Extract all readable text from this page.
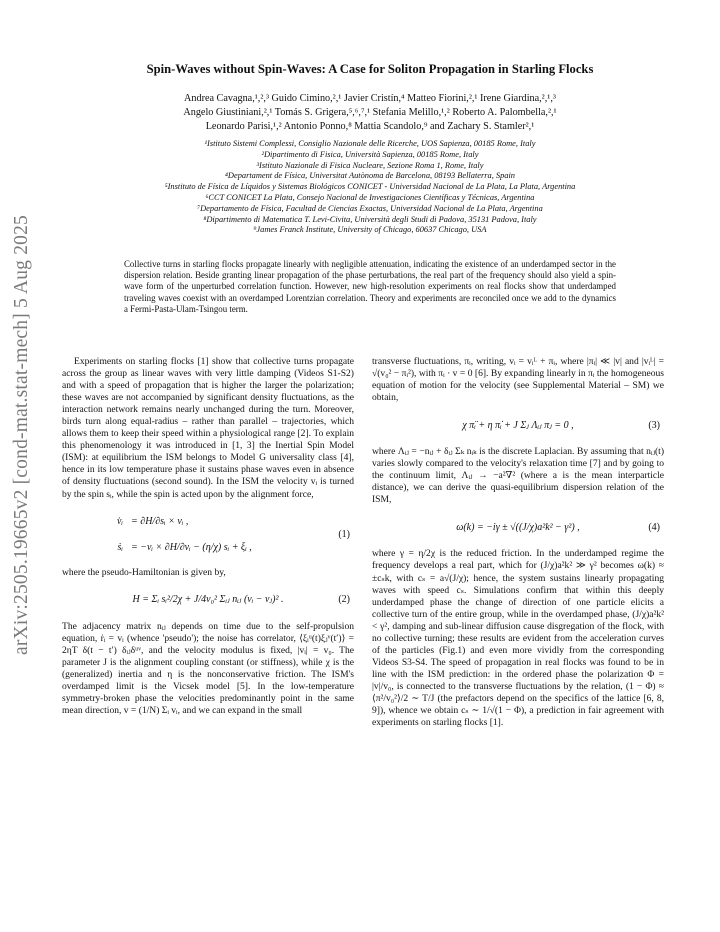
arXiv:2505.19665v2 [cond-mat.stat-mech] 5 Aug 2025
Spin-Waves without Spin-Waves: A Case for Soliton Propagation in Starling Flocks
Andrea Cavagna,¹,²,³ Guido Cimino,²,¹ Javier Cristín,⁴ Matteo Fiorini,²,¹ Irene Giardina,²,¹,³
Angelo Giustiniani,²,¹ Tomás S. Grigera,⁵,⁶,⁷,¹ Stefania Melillo,¹,² Roberto A. Palombella,²,¹
Leonardo Parisi,¹,² Antonio Ponno,⁸ Mattia Scandolo,⁹ and Zachary S. Stamler²,¹
¹Istituto Sistemi Complessi, Consiglio Nazionale delle Ricerche, UOS Sapienza, 00185 Rome, Italy
²Dipartimento di Fisica, Università Sapienza, 00185 Rome, Italy
³Istituto Nazionale di Fisica Nucleare, Sezione Roma 1, Rome, Italy
⁴Departament de Física, Universitat Autònoma de Barcelona, 08193 Bellaterra, Spain
⁵Instituto de Física de Líquidos y Sistemas Biológicos CONICET - Universidad Nacional de La Plata, La Plata, Argentina
⁶CCT CONICET La Plata, Consejo Nacional de Investigaciones Científicas y Técnicas, Argentina
⁷Departamento de Física, Facultad de Ciencias Exactas, Universidad Nacional de La Plata, Argentina
⁸Dipartimento di Matematica T. Levi-Civita, Università degli Studi di Padova, 35131 Padova, Italy
⁹James Franck Institute, University of Chicago, 60637 Chicago, USA
Collective turns in starling flocks propagate linearly with negligible attenuation, indicating the existence of an underdamped sector in the dispersion relation. Beside granting linear propagation of the phase perturbations, the real part of the frequency should also yield a spin-wave form of the unperturbed correlation function. However, new high-resolution experiments on real flocks show that underdamped traveling waves coexist with an overdamped Lorentzian correlation. Theory and experiments are reconciled once we add to the dynamics a Fermi-Pasta-Ulam-Tsingou term.

Experiments on starling flocks [1] show that collective turns propagate across the group as linear waves with very little damping (Videos S1-S2) and with a speed of propagation that is higher the larger the polarization; these waves are not accompanied by significant density fluctuations, as the interaction network remains nearly unchanged during the turn. Moreover, birds turn along equal-radius – rather than parallel – trajectories, which allows them to keep their speed within a physiological range [2]. To explain this phenomenology it was introduced in [1, 3] the Inertial Spin Model (ISM): at equilibrium the ISM belongs to Model G universality class [4], hence in its low temperature phase it sustains phase waves even in absence of density fluctuations (second sound). In the ISM the velocity vᵢ is turned by the spin sᵢ, while the spin is acted upon by the alignment force,

v̇ᵢ = ∂H/∂sᵢ × vᵢ ,
ṡᵢ = −vᵢ × ∂H/∂vᵢ − (η/χ) sᵢ + ξᵢ ,
(1)

where the pseudo-Hamiltonian is given by,

H = Σᵢ sᵢ²/2χ + J/4v₀² Σᵢⱼ nᵢⱼ (vᵢ − vⱼ)² .	(2)

The adjacency matrix nᵢⱼ depends on time due to the self-propulsion equation, ṙᵢ = vᵢ (whence 'pseudo'); the noise has correlator, ⟨ξᵢᵘ(t)ξⱼᵛ(t′)⟩ = 2ηT δ(t − t′) δᵢⱼδᵘᵛ, and the velocity modulus is fixed, |vᵢ| = v₀. The parameter J is the alignment coupling constant (or stiffness), while χ is the (generalized) inertia and η is the nonconservative friction. The ISM's overdamped limit is the Vicsek model [5]. In the low-temperature symmetry-broken phase the velocities predominantly point in the same mean direction, v = (1/N) Σᵢ vᵢ, and we can expand in the small

transverse fluctuations, πᵢ, writing, vᵢ = vᵢᴸ + πᵢ, where |πᵢ| ≪ |v| and |vᵢᴸ| = √(v₀² − πᵢ²), with πᵢ · v = 0 [6]. By expanding linearly in πᵢ the homogeneous equation of motion for the velocity (see Supplemental Material – SM) we obtain,

χ π̈ᵢ + η π̇ᵢ + J Σⱼ Λᵢⱼ πⱼ = 0 ,	(3)

where Λᵢⱼ = −nᵢⱼ + δᵢⱼ Σₖ nᵢₖ is the discrete Laplacian. By assuming that nᵢⱼ(t) varies slowly compared to the velocity's relaxation time [7] and by going to the continuum limit, Λᵢⱼ → −a²∇² (where a is the mean interparticle distance), we can derive the quasi-equilibrium dispersion relation of the ISM,

ω(k) = −iγ ± √((J/χ)a²k² − γ²) ,	(4)

where γ = η/2χ is the reduced friction. In the underdamped regime the frequency develops a real part, which for (J/χ)a²k² ≫ γ² becomes ω(k) ≈ ±cₛk, with cₛ = a√(J/χ); hence, the system sustains linearly propagating waves with speed cₛ. Simulations confirm that within this deeply underdamped phase the change of direction of one particle elicits a collective turn of the entire group, while in the overdamped phase, (J/χ)a²k² < γ², damping and sub-linear diffusion cause disgregation of the flock, with no collective turning; these results are evident from the acceleration curves of the particles (Fig.1) and even more vividly from the corresponding Videos S3-S4. The speed of propagation in real flocks was found to be in line with the ISM prediction: in the ordered phase the polarization Φ = |v|/v₀, is connected to the transverse fluctuations by the relation, (1 − Φ) ≈ ⟨π²/v₀²⟩/2 ∼ T/J (the prefactors depend on the specifics of the lattice [6, 8, 9]), whence we obtain cₛ ∼ 1/√(1 − Φ), a prediction in fair agreement with experiments on starling flocks [1].
